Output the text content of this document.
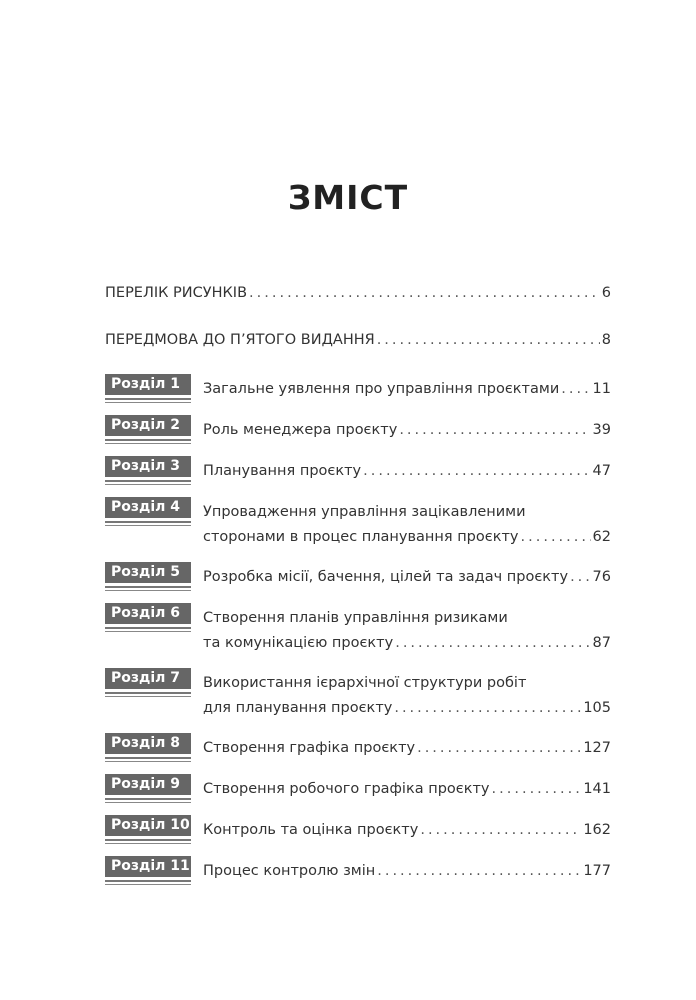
ЗМІСТ
ПЕРЕЛІК РИСУНКІВ .....	6
ПЕРЕДМОВА ДО П’ЯТОГО ВИДАННЯ .....	8
Розділ 1	Загальне уявлення про управління проєктами ..... 11
Розділ 2	Роль менеджера проєкту .....	39
Розділ 3	Планування проєкту .....	47
Розділ 4	Упровадження управління зацікавленими
сторонами в процес планування проєкту .....	62
Розділ 5	Розробка місії, бачення, цілей та задач проєкту ..... 76
Розділ 6	Створення планів управління ризиками
та комунікацією проєкту .....	87
Розділ 7	Використання ієрархічної структури робіт
для планування проєкту .....	105
Розділ 8	Створення графіка проєкту .....	127
Розділ 9	Створення робочого графіка проєкту .....	141
Розділ 10 Контроль та оцінка проєкту .....	162
Розділ 11 Процес контролю змін .....	177
